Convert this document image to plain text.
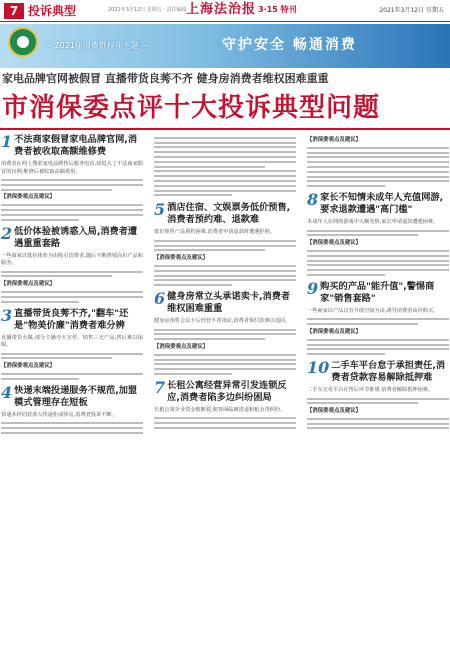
7 投诉典型	2021年3月12日 星期五 · 责任编辑 上海法治报 3·15 特刊	2021年3月12日 星期五
— 2021年消费维权年主题 —	守护安全 畅通消费
家电品牌官网被假冒 直播带货良莠不齐 健身房消费者维权困难重重
市消保委点评十大投诉典型问题
1 不法商家假冒家电品牌官网,消费者被收取高额维修费
消费者在网上搜索家电品牌售后服务电话,却进入了不法商家假冒的官网,维修后被收取高额费用。
【消保委观点及建议】
2 低价体验被诱惑入局,消费者遭遇重重套路
一些商家以低价体验为由吸引消费者,随后不断推销高价产品和服务。
【消保委观点及建议】
3 直播带货良莠不齐,"翻车"还是"物美价廉"消费者难分辨
直播带货火爆,部分主播夸大宣传、销售三无产品,售后难以保障。
【消保委观点及建议】
4 快递末端投递服务不规范,加盟模式管理存在短板
快递未经同意放入快递柜或驿站,消费者投诉不断。
5 酒店住宿、文娱票务低价预售,消费者预约难、退款难
低价预售产品预约困难,消费者申请退款时遭遇拒绝。
【消保委观点及建议】
6 健身房常立头承诺卖卡,消费者维权困难重重
健身房预售会员卡后经营不善闭店,消费者预付款难以追回。
【消保委观点及建议】
7 长租公寓经营异常引发连锁反应,消费者陷多边纠纷困局
长租公寓企业资金链断裂,租客面临被清退和租金贷纠纷。
【消保委观点及建议】
8 家长不知情未成年人充值网游,要求退款遭遇"高门槛"
未成年人在网络游戏中大额充值,家长申请退款遭遇困难。
【消保委观点及建议】
9 购买的产品"能升值",警惕商家"销售套路"
一些商家以产品具有升值空间为由,诱导消费者高价购买。
【消保委观点及建议】
10 二手车平台怠于承担责任,消费者贷款容易解除抵押难
二手车交易平台在售后环节推诿,消费者解除抵押困难。
【消保委观点及建议】
